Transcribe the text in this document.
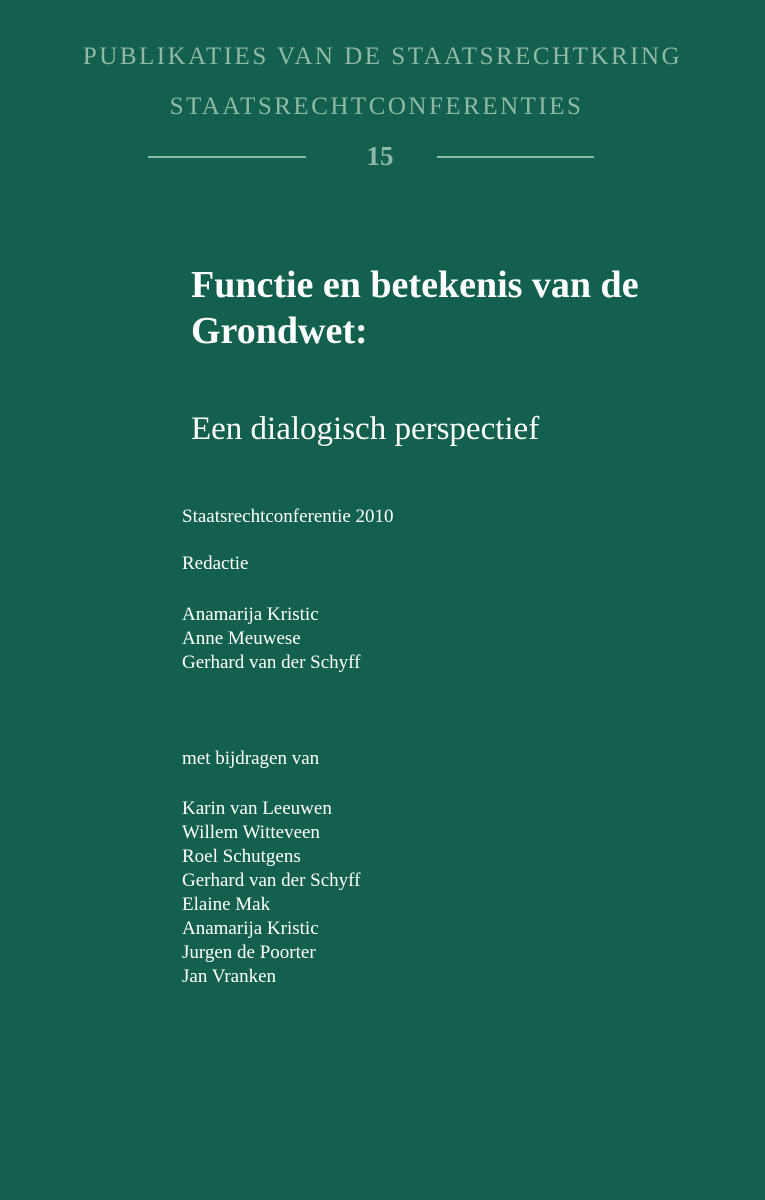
PUBLIKATIES VAN DE STAATSRECHTKRING
STAATSRECHTCONFERENTIES
15
Functie en betekenis van de
Grondwet:
Een dialogisch perspectief
Staatsrechtconferentie 2010
Redactie
Anamarija Kristic
Anne Meuwese
Gerhard van der Schyff
met bijdragen van
Karin van Leeuwen
Willem Witteveen
Roel Schutgens
Gerhard van der Schyff
Elaine Mak
Anamarija Kristic
Jurgen de Poorter
Jan Vranken
